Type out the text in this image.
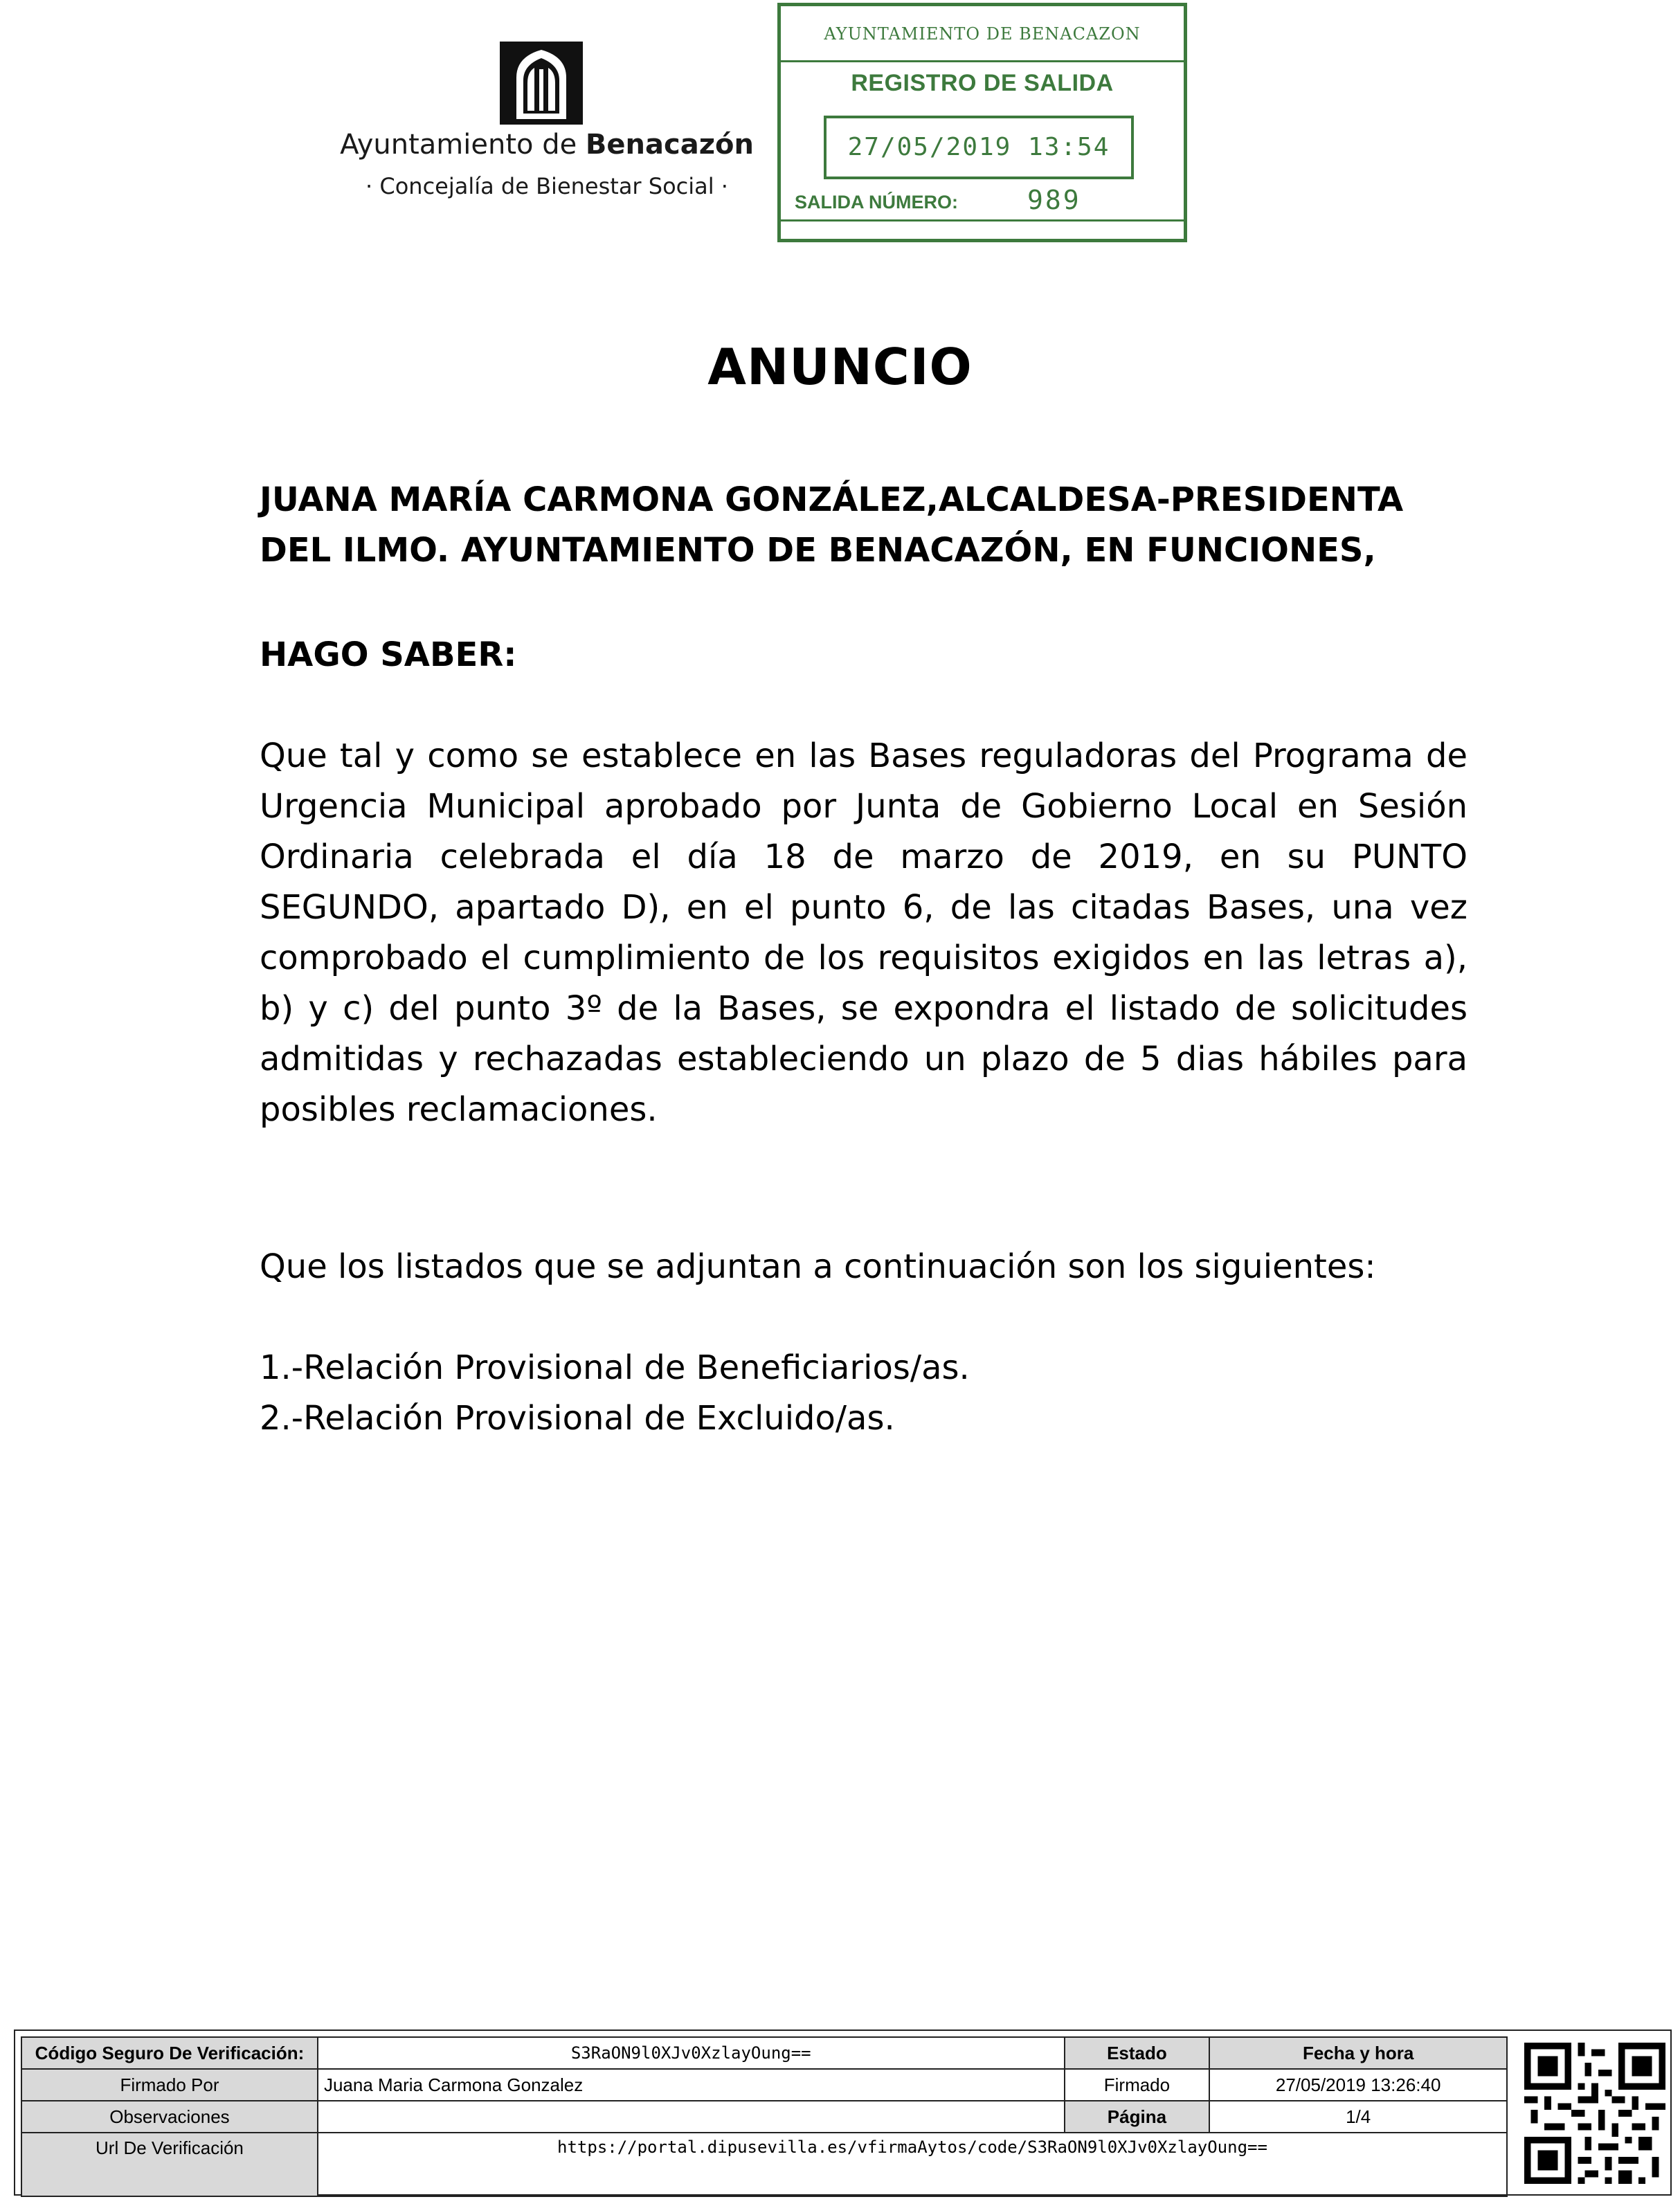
Ayuntamiento de Benacazón
· Concejalía de Bienestar Social ·
AYUNTAMIENTO DE BENACAZON
REGISTRO DE SALIDA
27/05/2019 13:54
SALIDA NÚMERO:	989
ANUNCIO
JUANA MARÍA CARMONA GONZÁLEZ,ALCALDESA-PRESIDENTA
DEL ILMO. AYUNTAMIENTO DE BENACAZÓN, EN FUNCIONES,
HAGO SABER:
Que tal y como se establece en las Bases reguladoras del Programa de Urgencia Municipal aprobado por Junta de Gobierno Local en Sesión Ordinaria celebrada el día 18 de marzo de 2019, en su PUNTO SEGUNDO, apartado D), en el punto 6, de las citadas Bases, una vez comprobado el cumplimiento de los requisitos exigidos en las letras a), b) y c) del punto 3º de la Bases, se expondra el listado de solicitudes admitidas y rechazadas estableciendo un plazo de 5 dias hábiles para posibles reclamaciones.
Que los listados que se adjuntan a continuación son los siguientes:
1.-Relación Provisional de Beneficiarios/as.
2.-Relación Provisional de Excluido/as.
Código Seguro De Verificación:	S3RaON9l0XJv0XzlayOung==	Estado	Fecha y hora
Firmado Por	Juana Maria Carmona Gonzalez	Firmado	27/05/2019 13:26:40
Observaciones		Página	1/4
Url De Verificación	https://portal.dipusevilla.es/vfirmaAytos/code/S3RaON9l0XJv0XzlayOung==		
